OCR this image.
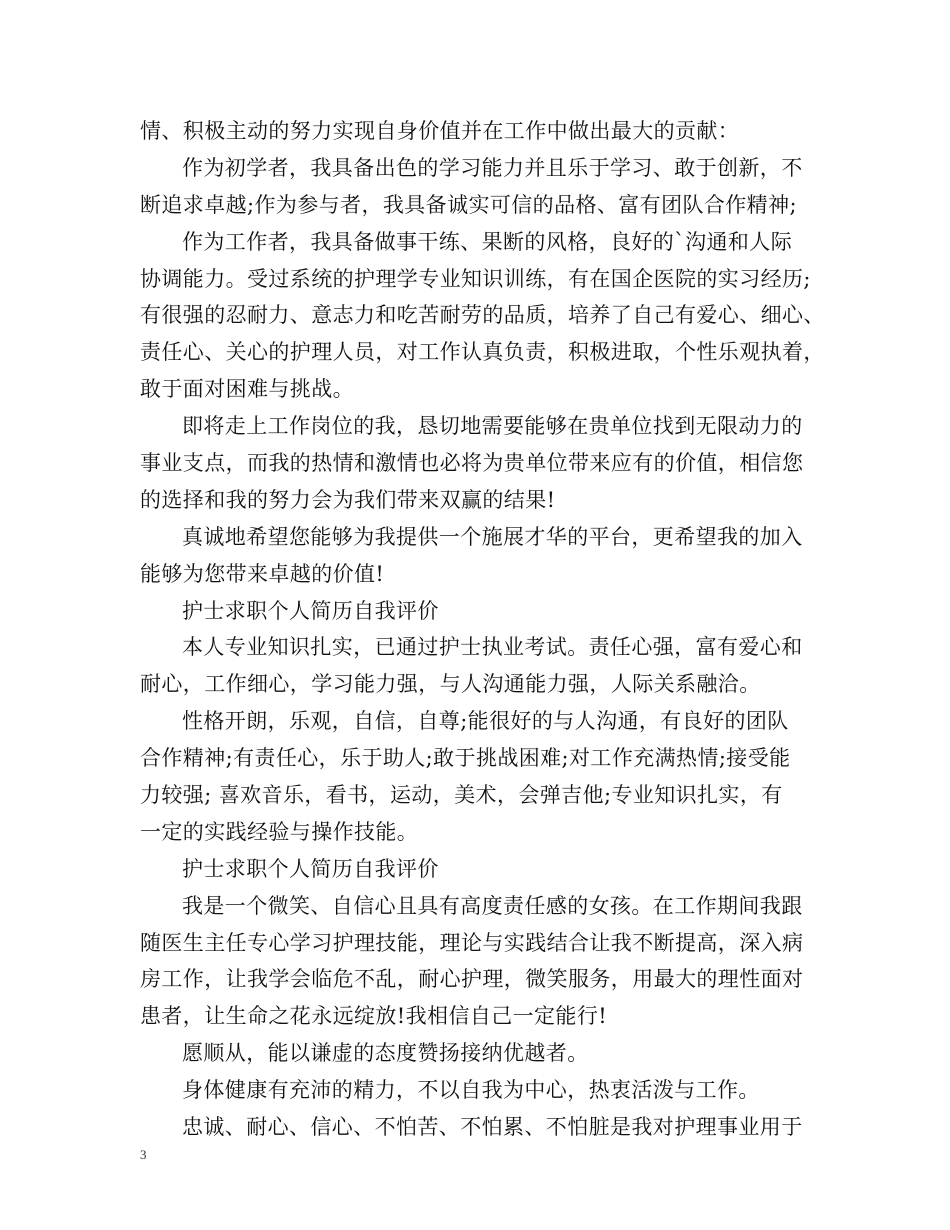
情、积极主动的努力实现自身价值并在工作中做出最大的贡献：
作为初学者，我具备出色的学习能力并且乐于学习、敢于创新，不
断追求卓越;作为参与者，我具备诚实可信的品格、富有团队合作精神;
作为工作者，我具备做事干练、果断的风格，良好的`沟通和人际
协调能力。受过系统的护理学专业知识训练，有在国企医院的实习经历;
有很强的忍耐力、意志力和吃苦耐劳的品质，培养了自己有爱心、细心、
责任心、关心的护理人员，对工作认真负责，积极进取，个性乐观执着，
敢于面对困难与挑战。
即将走上工作岗位的我，恳切地需要能够在贵单位找到无限动力的
事业支点，而我的热情和激情也必将为贵单位带来应有的价值，相信您
的选择和我的努力会为我们带来双赢的结果!
真诚地希望您能够为我提供一个施展才华的平台，更希望我的加入
能够为您带来卓越的价值!
护士求职个人简历自我评价
本人专业知识扎实，已通过护士执业考试。责任心强，富有爱心和
耐心，工作细心，学习能力强，与人沟通能力强，人际关系融洽。
性格开朗，乐观，自信，自尊;能很好的与人沟通，有良好的团队
合作精神;有责任心，乐于助人;敢于挑战困难;对工作充满热情;接受能
力较强; 喜欢音乐，看书，运动，美术，会弹吉他;专业知识扎实，有
一定的实践经验与操作技能。
护士求职个人简历自我评价
我是一个微笑、自信心且具有高度责任感的女孩。在工作期间我跟
随医生主任专心学习护理技能，理论与实践结合让我不断提高，深入病
房工作，让我学会临危不乱，耐心护理，微笑服务，用最大的理性面对
患者，让生命之花永远绽放!我相信自己一定能行!
愿顺从，能以谦虚的态度赞扬接纳优越者。
身体健康有充沛的精力，不以自我为中心，热衷活泼与工作。
忠诚、耐心、信心、不怕苦、不怕累、不怕脏是我对护理事业用于
3
